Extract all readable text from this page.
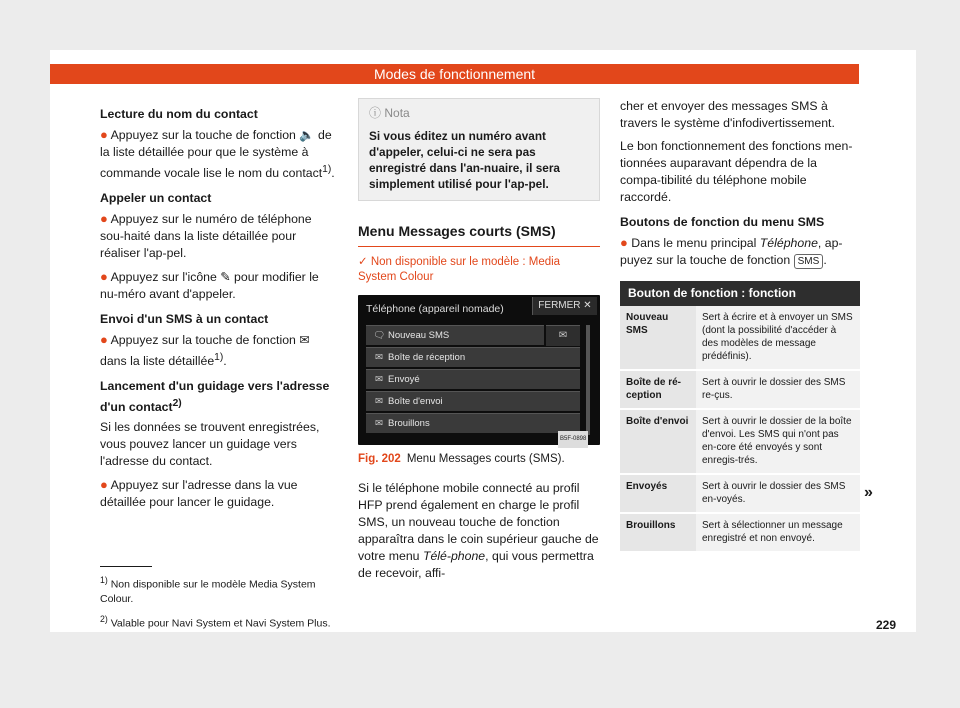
Modes de fonctionnement

Lecture du nom du contact

● Appuyez sur la touche de fonction 🔈 de la liste détaillée pour que le système à commande vocale lise le nom du contact$^{1)}$.

Appeler un contact

● Appuyez sur le numéro de téléphone sou-haité dans la liste détaillée pour réaliser l'ap-pel.

● Appuyez sur l'icône ✎ pour modifier le nu-méro avant d'appeler.

Envoi d'un SMS à un contact

● Appuyez sur la touche de fonction ✉ dans la liste détaillée$^{1)}$.

Lancement d'un guidage vers l'adresse d'un contact$^{2)}$

Si les données se trouvent enregistrées, vous pouvez lancer un guidage vers l'adresse du contact.

● Appuyez sur l'adresse dans la vue détaillée pour lancer le guidage.

ⓘ Nota
Si vous éditez un numéro avant d'appeler, celui-ci ne sera pas enregistré dans l'an-nuaire, il sera simplement utilisé pour l'ap-pel.
Menu Messages courts (SMS)
✓ Non disponible sur le modèle : Media System Colour
Téléphone (appareil nomade)	FERMER ✕
🗨 Nouveau SMS	✉
✉ Boîte de réception
✉ Envoyé
✉ Boîte d'envoi
✉ Brouillons
B5F-0898

Fig. 202 Menu Messages courts (SMS).

Si le téléphone mobile connecté au profil HFP prend également en charge le profil SMS, un nouveau touche de fonction apparaîtra dans le coin supérieur gauche de votre menu Télé-phone, qui vous permettra de recevoir, affi-

cher et envoyer des messages SMS à travers le système d'infodivertissement.

Le bon fonctionnement des fonctions men-tionnées auparavant dépendra de la compa-tibilité du téléphone mobile raccordé.

Boutons de fonction du menu SMS

● Dans le menu principal Téléphone, ap-puyez sur la touche de fonction SMS .

Bouton de fonction : fonction	
Nouveau SMS	Sert à écrire et à envoyer un SMS (dont la possibilité d'accéder à des modèles de message prédéfinis).
Boîte de ré-ception	Sert à ouvrir le dossier des SMS re-çus.
Boîte d'envoi	Sert à ouvrir le dossier de la boîte d'envoi. Les SMS qui n'ont pas en-core été envoyés y sont enregis-trés.
Envoyés	Sert à ouvrir le dossier des SMS en-voyés.
Brouillons	Sert à sélectionner un message enregistré et non envoyé.
»

$^{1)}$ Non disponible sur le modèle Media System Colour.

$^{2)}$ Valable pour Navi System et Navi System Plus.	229
